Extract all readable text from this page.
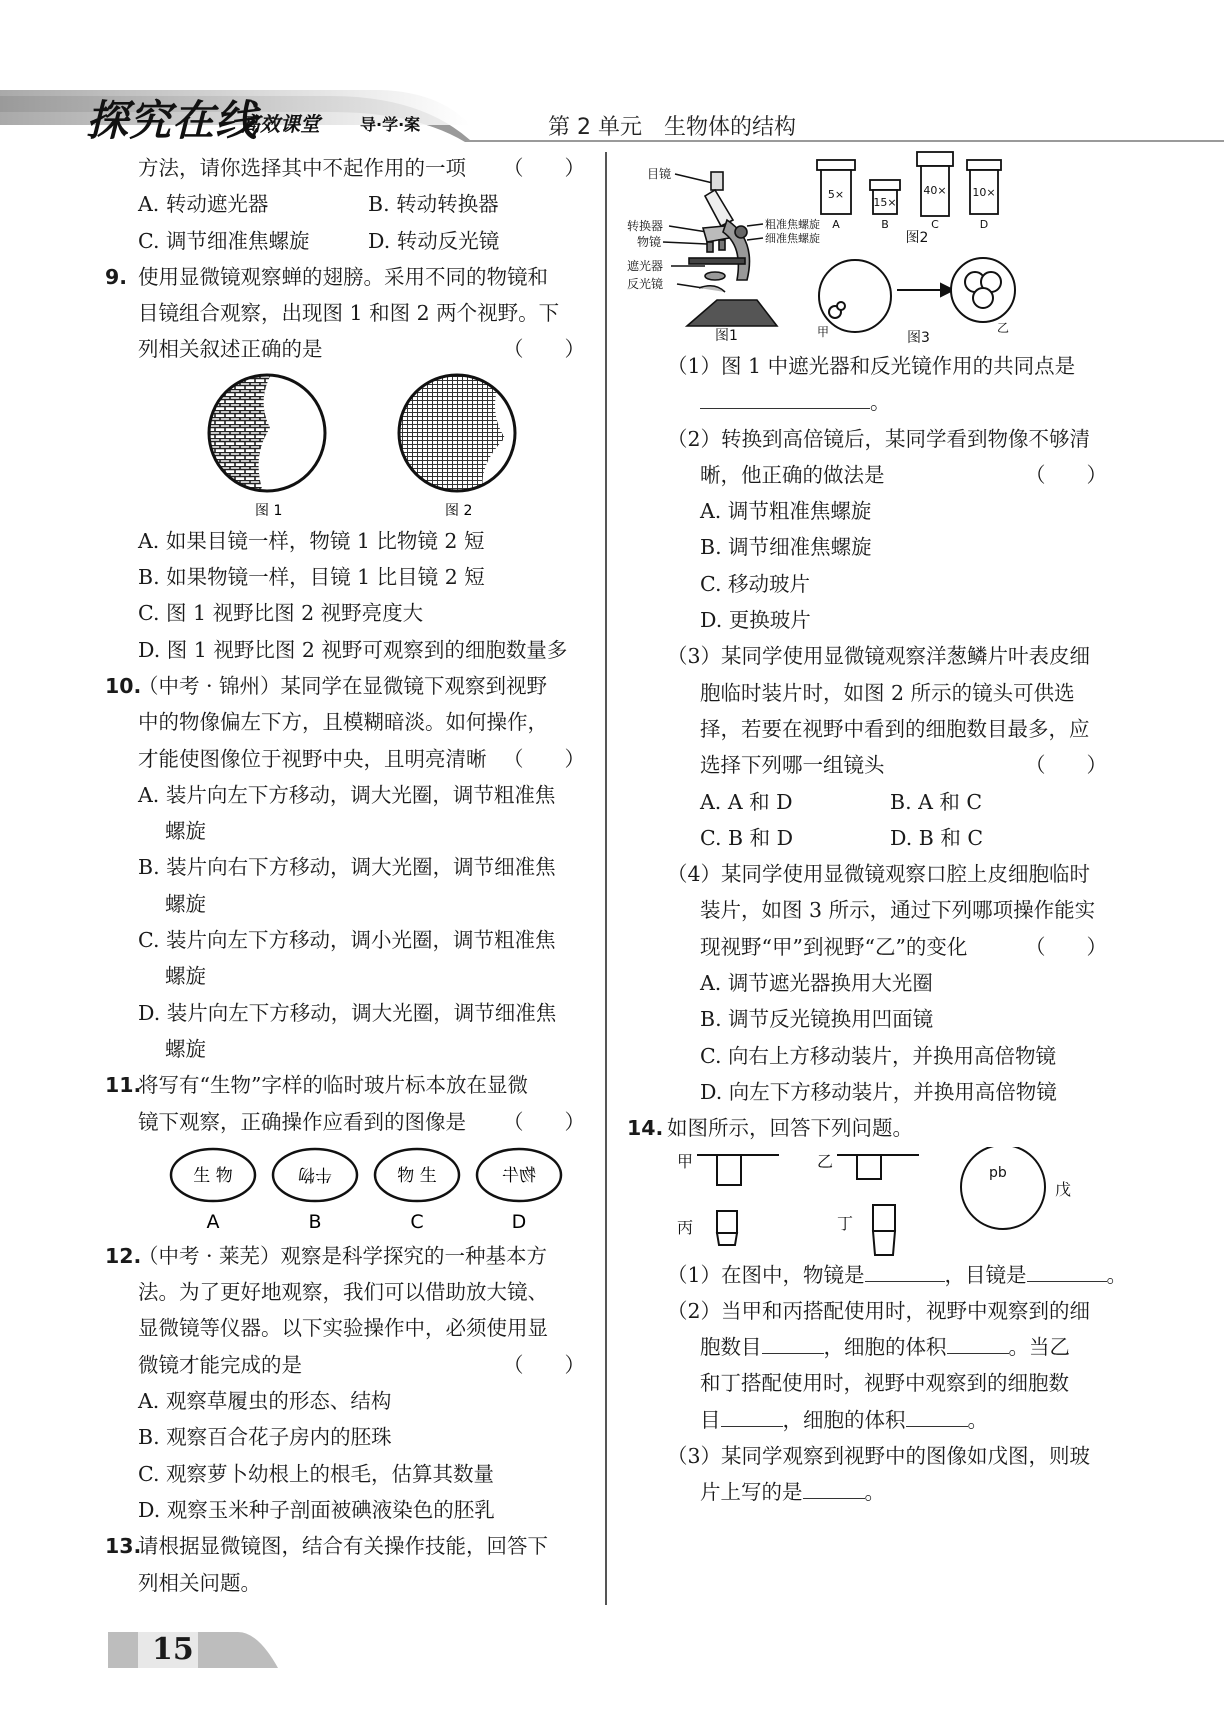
探究在线
高效课堂	导·学·案	第 2 单元　生物体的结构
方法，请你选择其中不起作用的一项 （　　）
A. 转动遮光器	B. 转动转换器
C. 调节细准焦螺旋	D. 转动反光镜
9. 使用显微镜观察蝉的翅膀。采用不同的物镜和
目镜组合观察，出现图 1 和图 2 两个视野。下
列相关叙述正确的是	（　　）
图 1	图 2
A. 如果目镜一样，物镜 1 比物镜 2 短
B. 如果物镜一样，目镜 1 比目镜 2 短
C. 图 1 视野比图 2 视野亮度大
D. 图 1 视野比图 2 视野可观察到的细胞数量多
10.
（中考 · 锦州）某同学在显微镜下观察到视野
中的物像偏左下方，且模糊暗淡。如何操作，
才能使图像位于视野中央，且明亮清晰 （　　）
A. 装片向左下方移动，调大光圈，调节粗准焦
螺旋
B. 装片向右下方移动，调大光圈，调节细准焦
螺旋
C. 装片向左下方移动，调小光圈，调节粗准焦
螺旋
D. 装片向左下方移动，调大光圈，调节细准焦
螺旋
11.
将写有“生物”字样的临时玻片标本放在显微
镜下观察，正确操作应看到的图像是 （　　）
生 物	牛物	物 生	物牛
A	B	C	D
12.
（中考 · 莱芜）观察是科学探究的一种基本方
法。为了更好地观察，我们可以借助放大镜、
显微镜等仪器。以下实验操作中，必须使用显
微镜才能完成的是	（　　）
A. 观察草履虫的形态、结构
B. 观察百合花子房内的胚珠
C. 观察萝卜幼根上的根毛，估算其数量
D. 观察玉米种子剖面被碘液染色的胚乳
13.
请根据显微镜图，结合有关操作技能，回答下
列相关问题。
目镜
转换器
物镜
遮光器
反光镜
粗准焦螺旋
细准焦螺旋
图1
5×
15×
40× 10×
A	B	C	D
图2
甲	乙
图3
（1）图 1 中遮光器和反光镜作用的共同点是
。
（2）转换到高倍镜后，某同学看到物像不够清
晰，他正确的做法是	（　　）
A. 调节粗准焦螺旋
B. 调节细准焦螺旋
C. 移动玻片
D. 更换玻片
（3）某同学使用显微镜观察洋葱鳞片叶表皮细
胞临时装片时，如图 2 所示的镜头可供选
择，若要在视野中看到的细胞数目最多，应
选择下列哪一组镜头	（　　）
A. A 和 D	B. A 和 C
C. B 和 D	D. B 和 C
（4）某同学使用显微镜观察口腔上皮细胞临时
装片，如图 3 所示，通过下列哪项操作能实
现视野“甲”到视野“乙”的变化	（　　）
A. 调节遮光器换用大光圈
B. 调节反光镜换用凹面镜
C. 向右上方移动装片，并换用高倍物镜
D. 向左下方移动装片，并换用高倍物镜
14. 如图所示，回答下列问题。
甲	乙
丙	丁
戊
pb
（1）在图中，物镜是	，目镜是	。
（2）当甲和丙搭配使用时，视野中观察到的细
胞数目	，细胞的体积	。当乙
和丁搭配使用时，视野中观察到的细胞数
目	，细胞的体积	。
（3）某同学观察到视野中的图像如戊图，则玻
片上写的是	。
15
